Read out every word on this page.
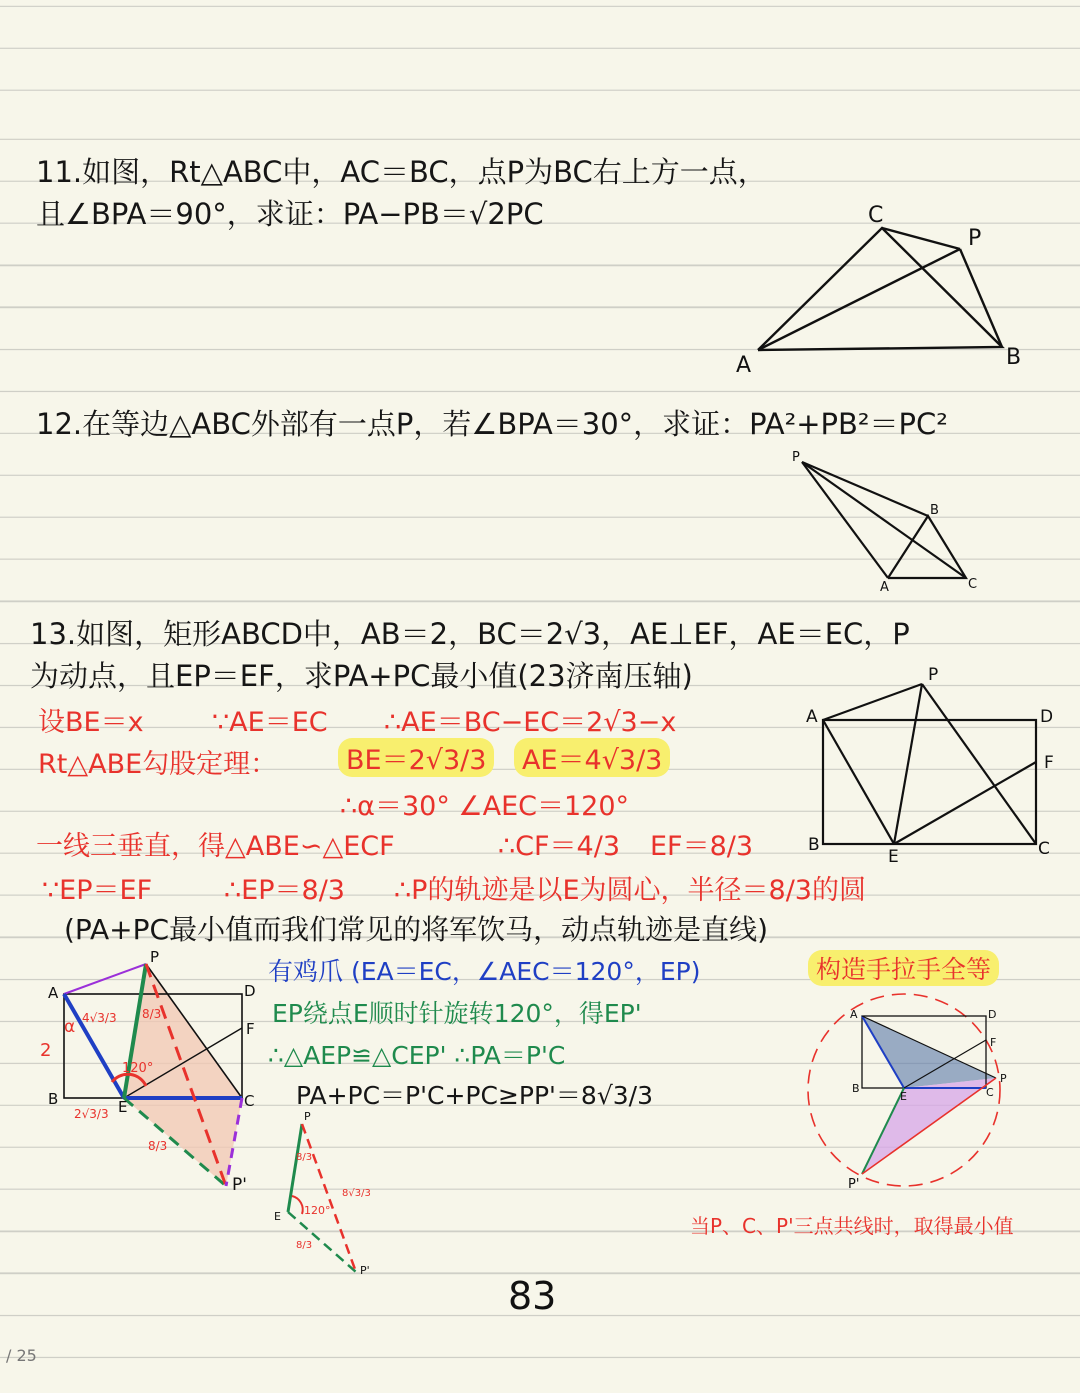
11.如图，Rt△ABC中，AC＝BC，点P为BC右上方一点，
且∠BPA＝90°，求证：PA−PB＝√2PC
12.在等边△ABC外部有一点P，若∠BPA＝30°，求证：PA²+PB²＝PC²
13.如图，矩形ABCD中，AB＝2，BC＝2√3，AE⊥EF，AE＝EC，P
为动点，且EP＝EF，求PA+PC最小值(23济南压轴)
设BE＝x	∵AE＝EC ∴AE＝BC−EC＝2√3−x
Rt△ABE勾股定理：	BE＝2√3/3 AE＝4√3/3
∴α＝30° ∠AEC＝120°
一线三垂直，得△ABE∽△ECF	∴CF＝4/3 EF＝8/3
∵EP＝EF	∴EP＝8/3 ∴P的轨迹是以E为圆心，半径＝8/3的圆
(PA+PC最小值而我们常见的将军饮马，动点轨迹是直线)
有鸡爪 (EA＝EC，∠AEC＝120°，EP)	构造手拉手全等
EP绕点E顺时针旋转120°，得EP'
∴△AEP≌△CEP' ∴PA＝P'C
PA+PC＝P'C+PC≥PP'＝8√3/3
当P、C、P'三点共线时，取得最小值
C
P
A	B
P
B
A	C
A	D
F
B	C
E
P
A
B
D
F
C
E
P
P'
α
2
4√3/3 8/3
120°
2√3/3
8/3
P
E
P'
120°
8/3
8/3
8√3/3
A	D
F
B
E	C
P
P'
83
/ 25
